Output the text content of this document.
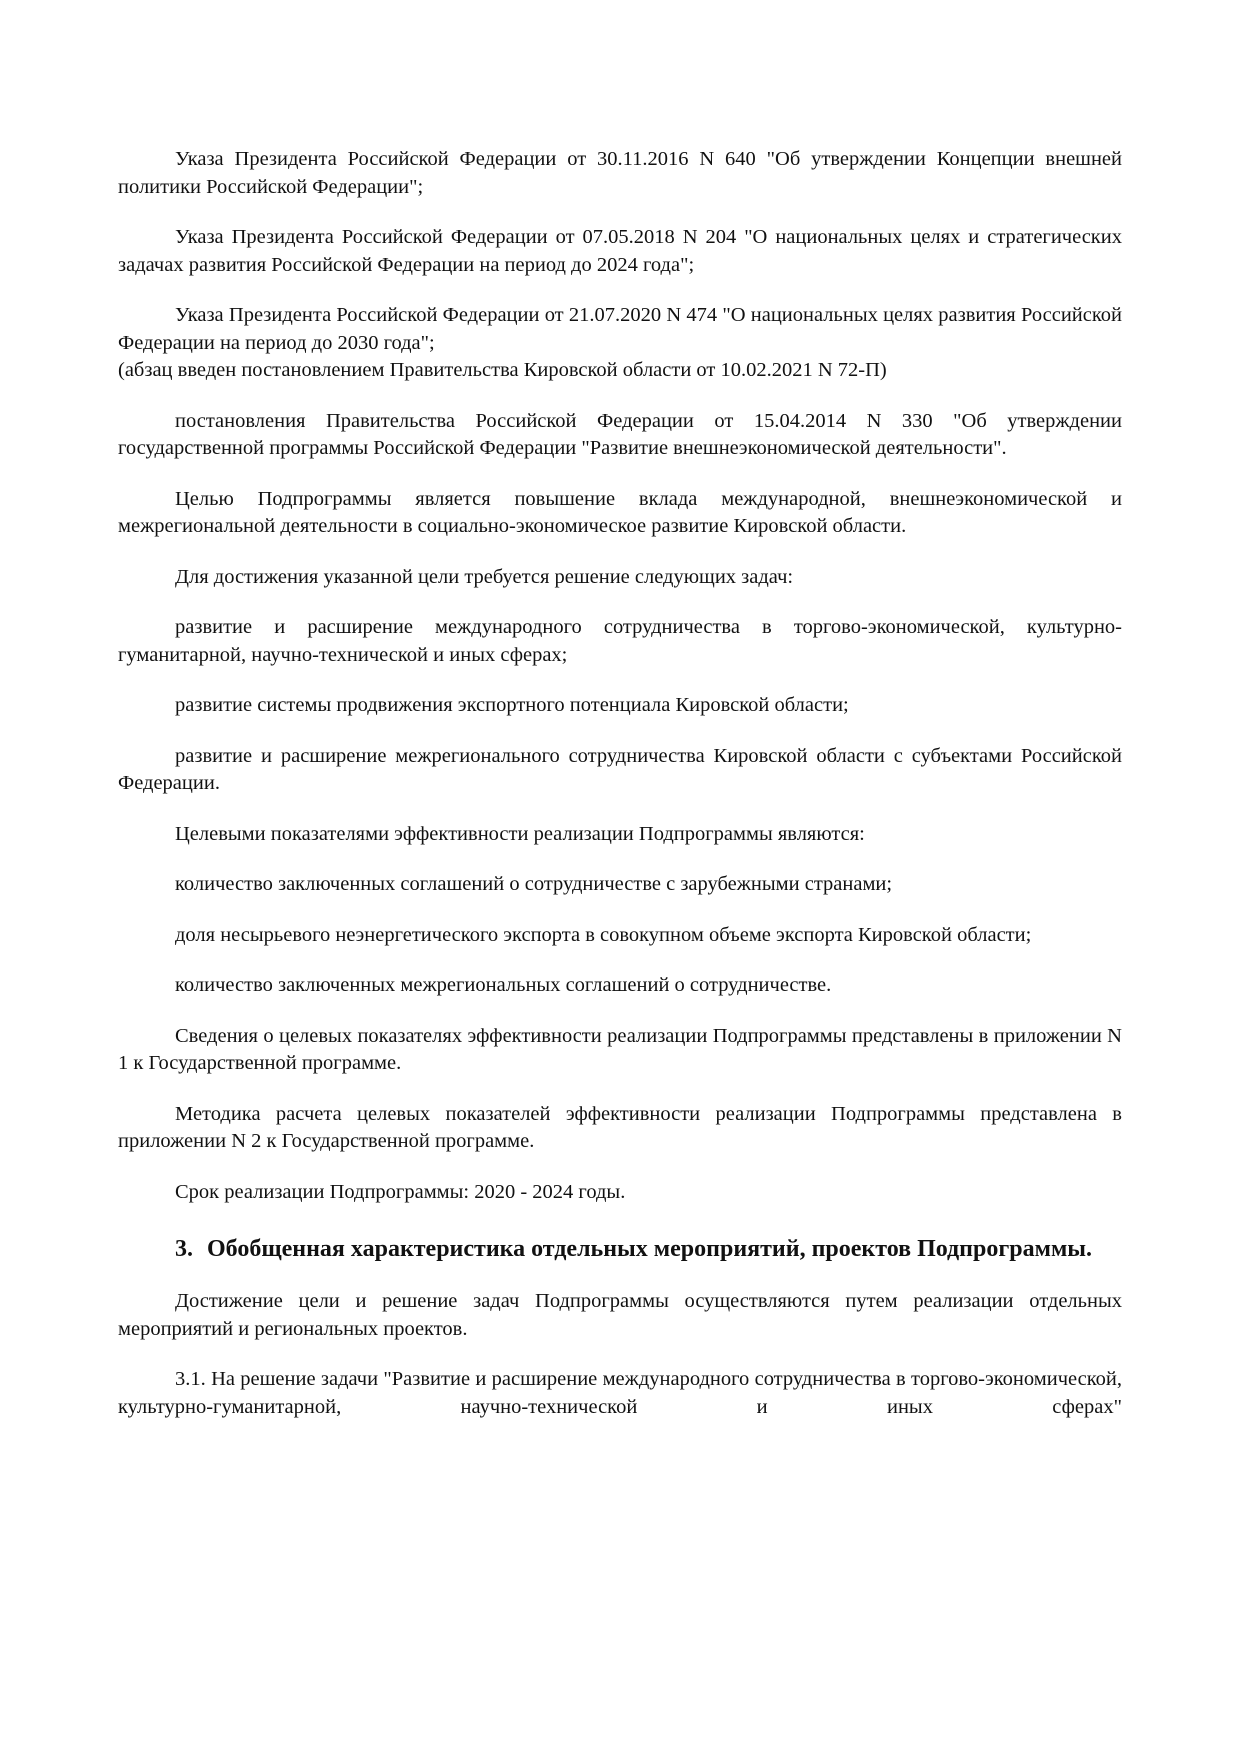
Указа Президента Российской Федерации от 30.11.2016 N 640 "Об утверждении Концепции внешней политики Российской Федерации";

Указа Президента Российской Федерации от 07.05.2018 N 204 "О национальных целях и стратегических задачах развития Российской Федерации на период до 2024 года";

Указа Президента Российской Федерации от 21.07.2020 N 474 "О национальных целях развития Российской Федерации на период до 2030 года";
(абзац введен постановлением Правительства Кировской области от 10.02.2021 N 72-П)

постановления Правительства Российской Федерации от 15.04.2014 N 330 "Об утверждении государственной программы Российской Федерации "Развитие внешнеэкономической деятельности".

Целью Подпрограммы является повышение вклада международной, внешнеэкономической и межрегиональной деятельности в социально-экономическое развитие Кировской области.

Для достижения указанной цели требуется решение следующих задач:

развитие и расширение международного сотрудничества в торгово-экономической, культурно-гуманитарной, научно-технической и иных сферах;

развитие системы продвижения экспортного потенциала Кировской области;

развитие и расширение межрегионального сотрудничества Кировской области с субъектами Российской Федерации.

Целевыми показателями эффективности реализации Подпрограммы являются:

количество заключенных соглашений о сотрудничестве с зарубежными странами;

доля несырьевого неэнергетического экспорта в совокупном объеме экспорта Кировской области;

количество заключенных межрегиональных соглашений о сотрудничестве.

Сведения о целевых показателях эффективности реализации Подпрограммы представлены в приложении N 1 к Государственной программе.

Методика расчета целевых показателей эффективности реализации Подпрограммы представлена в приложении N 2 к Государственной программе.

Срок реализации Подпрограммы: 2020 - 2024 годы.

3. Обобщенная характеристика отдельных мероприятий, проектов Подпрограммы.

Достижение цели и решение задач Подпрограммы осуществляются путем реализации отдельных мероприятий и региональных проектов.

3.1. На решение задачи "Развитие и расширение международного сотрудничества в торгово-экономической, культурно-гуманитарной, научно-технической и иных сферах"
